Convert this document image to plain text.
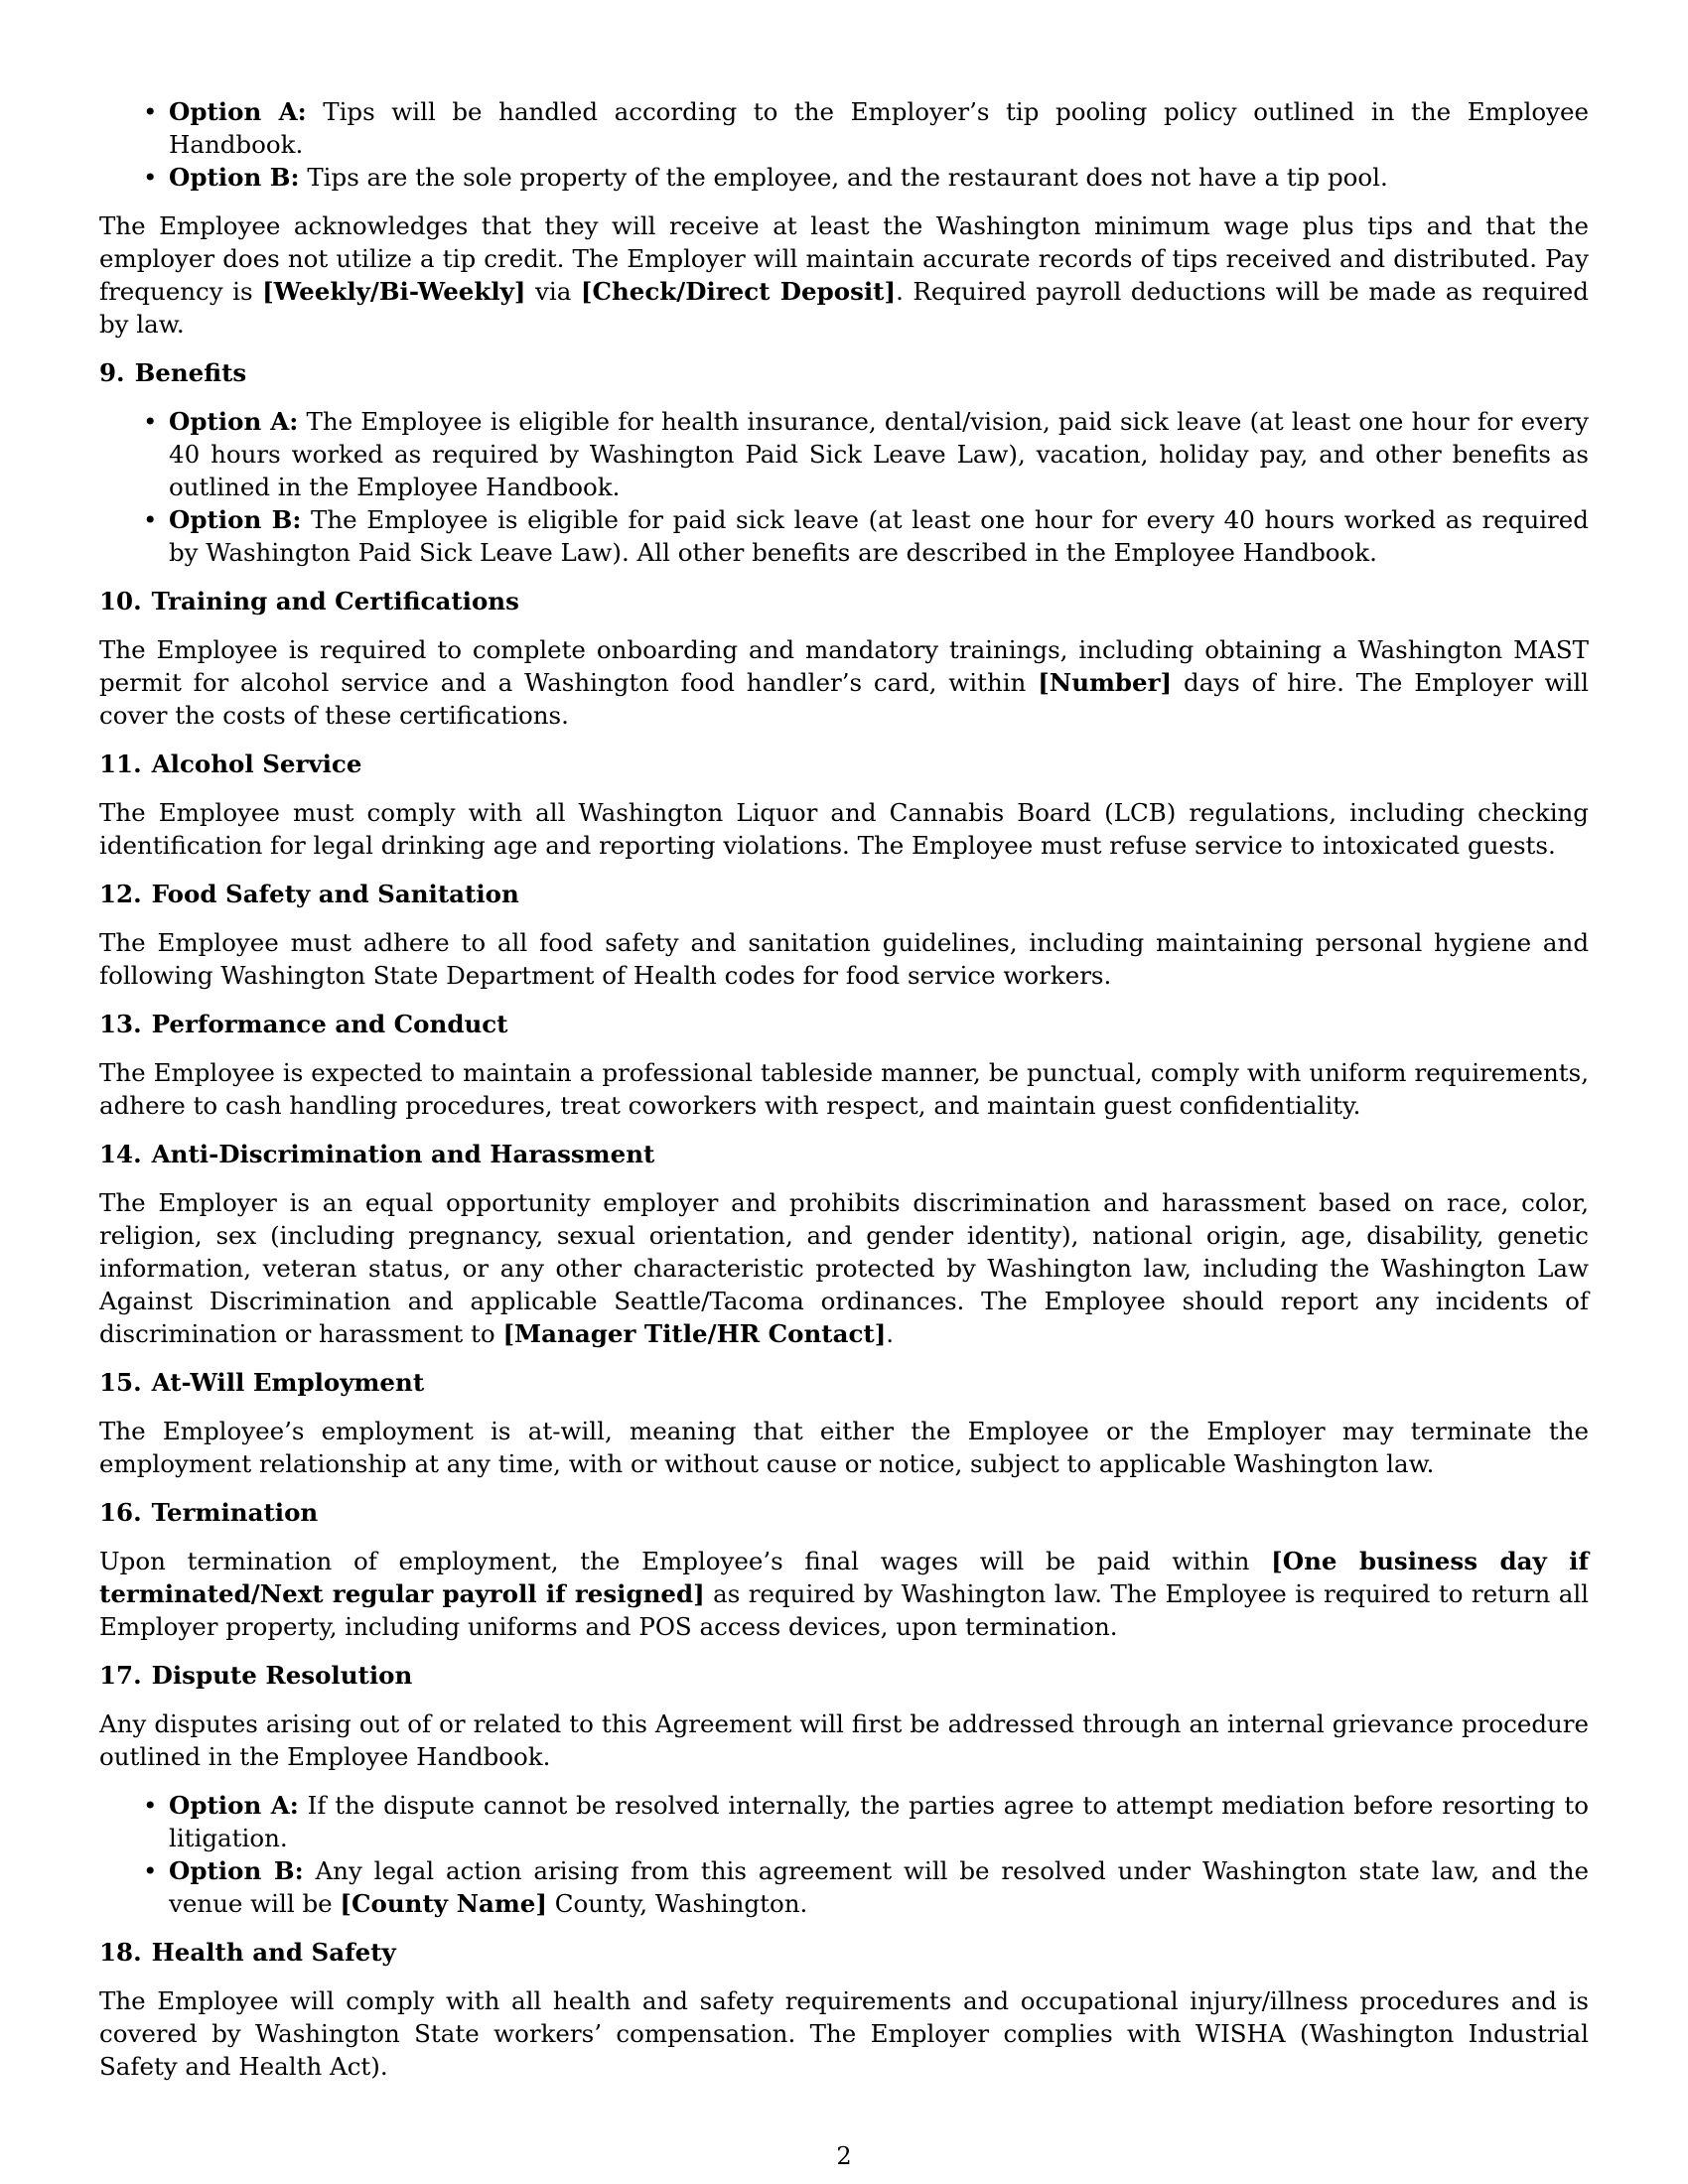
• Option A: Tips will be handled according to the Employer’s tip pooling policy outlined in the Employee Handbook.
• Option B: Tips are the sole property of the employee, and the restaurant does not have a tip pool.

The Employee acknowledges that they will receive at least the Washington minimum wage plus tips and that the employer does not utilize a tip credit. The Employer will maintain accurate records of tips received and distributed. Pay frequency is [Weekly/Bi-Weekly] via [Check/Direct Deposit]. Required payroll deductions will be made as required by law.

9. Benefits
• Option A: The Employee is eligible for health insurance, dental/vision, paid sick leave (at least one hour for every 40 hours worked as required by Washington Paid Sick Leave Law), vacation, holiday pay, and other benefits as outlined in the Employee Handbook.
• Option B: The Employee is eligible for paid sick leave (at least one hour for every 40 hours worked as required by Washington Paid Sick Leave Law). All other benefits are described in the Employee Handbook.
10. Training and Certifications

The Employee is required to complete onboarding and mandatory trainings, including obtaining a Washington MAST permit for alcohol service and a Washington food handler’s card, within [Number] days of hire. The Employer will cover the costs of these certifications.

11. Alcohol Service

The Employee must comply with all Washington Liquor and Cannabis Board (LCB) regulations, including checking identification for legal drinking age and reporting violations. The Employee must refuse service to intoxicated guests.

12. Food Safety and Sanitation

The Employee must adhere to all food safety and sanitation guidelines, including maintaining personal hygiene and following Washington State Department of Health codes for food service workers.

13. Performance and Conduct

The Employee is expected to maintain a professional tableside manner, be punctual, comply with uniform requirements, adhere to cash handling procedures, treat coworkers with respect, and maintain guest confidentiality.

14. Anti-Discrimination and Harassment

The Employer is an equal opportunity employer and prohibits discrimination and harassment based on race, color, religion, sex (including pregnancy, sexual orientation, and gender identity), national origin, age, disability, genetic information, veteran status, or any other characteristic protected by Washington law, including the Washington Law Against Discrimination and applicable Seattle/Tacoma ordinances. The Employee should report any incidents of discrimination or harassment to [Manager Title/HR Contact].

15. At-Will Employment

The Employee’s employment is at-will, meaning that either the Employee or the Employer may terminate the employment relationship at any time, with or without cause or notice, subject to applicable Washington law.

16. Termination

Upon termination of employment, the Employee’s final wages will be paid within [One business day if terminated/Next regular payroll if resigned] as required by Washington law. The Employee is required to return all Employer property, including uniforms and POS access devices, upon termination.

17. Dispute Resolution

Any disputes arising out of or related to this Agreement will first be addressed through an internal grievance procedure outlined in the Employee Handbook.

• Option A: If the dispute cannot be resolved internally, the parties agree to attempt mediation before resorting to litigation.
• Option B: Any legal action arising from this agreement will be resolved under Washington state law, and the venue will be [County Name] County, Washington.
18. Health and Safety

The Employee will comply with all health and safety requirements and occupational injury/illness procedures and is covered by Washington State workers’ compensation. The Employer complies with WISHA (Washington Industrial Safety and Health Act).

2
